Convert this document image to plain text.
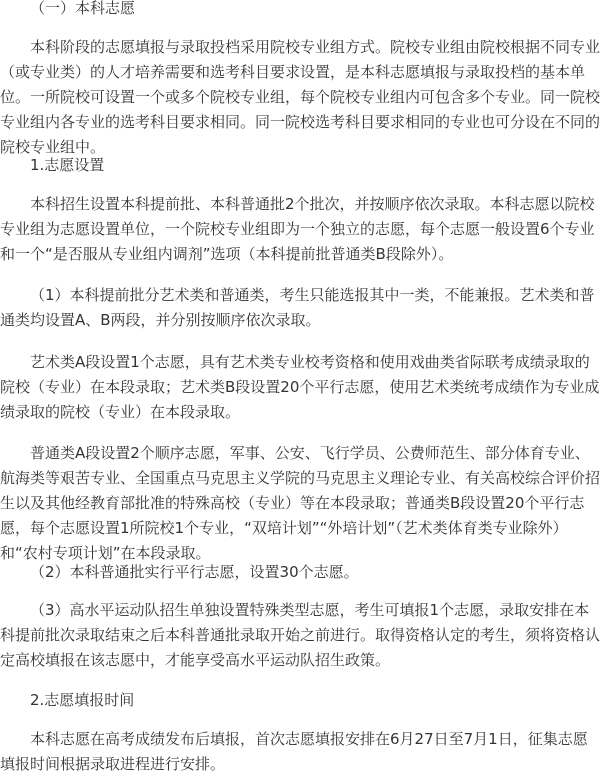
（一）本科志愿

本科阶段的志愿填报与录取投档采用院校专业组方式。院校专业组由院校根据不同专业（或专业类）的人才培养需要和选考科目要求设置，是本科志愿填报与录取投档的基本单位。一所院校可设置一个或多个院校专业组，每个院校专业组内可包含多个专业。同一院校专业组内各专业的选考科目要求相同。同一院校选考科目要求相同的专业也可分设在不同的院校专业组中。

1.志愿设置

本科招生设置本科提前批、本科普通批2个批次，并按顺序依次录取。本科志愿以院校专业组为志愿设置单位，一个院校专业组即为一个独立的志愿，每个志愿一般设置6个专业和一个“是否服从专业组内调剂”选项（本科提前批普通类B段除外）。

（1）本科提前批分艺术类和普通类，考生只能选报其中一类，不能兼报。艺术类和普通类均设置A、B两段，并分别按顺序依次录取。

艺术类A段设置1个志愿，具有艺术类专业校考资格和使用戏曲类省际联考成绩录取的院校（专业）在本段录取；艺术类B段设置20个平行志愿，使用艺术类统考成绩作为专业成绩录取的院校（专业）在本段录取。

普通类A段设置2个顺序志愿，军事、公安、飞行学员、公费师范生、部分体育专业、航海类等艰苦专业、全国重点马克思主义学院的马克思主义理论专业、有关高校综合评价招生以及其他经教育部批准的特殊高校（专业）等在本段录取；普通类B段设置20个平行志愿，每个志愿设置1所院校1个专业，“双培计划”“外培计划”（艺术类体育类专业除外）和“农村专项计划”在本段录取。

（2）本科普通批实行平行志愿，设置30个志愿。

（3）高水平运动队招生单独设置特殊类型志愿，考生可填报1个志愿，录取安排在本科提前批次录取结束之后本科普通批录取开始之前进行。取得资格认定的考生，须将资格认定高校填报在该志愿中，才能享受高水平运动队招生政策。

2.志愿填报时间

本科志愿在高考成绩发布后填报，首次志愿填报安排在6月27日至7月1日，征集志愿填报时间根据录取进程进行安排。
